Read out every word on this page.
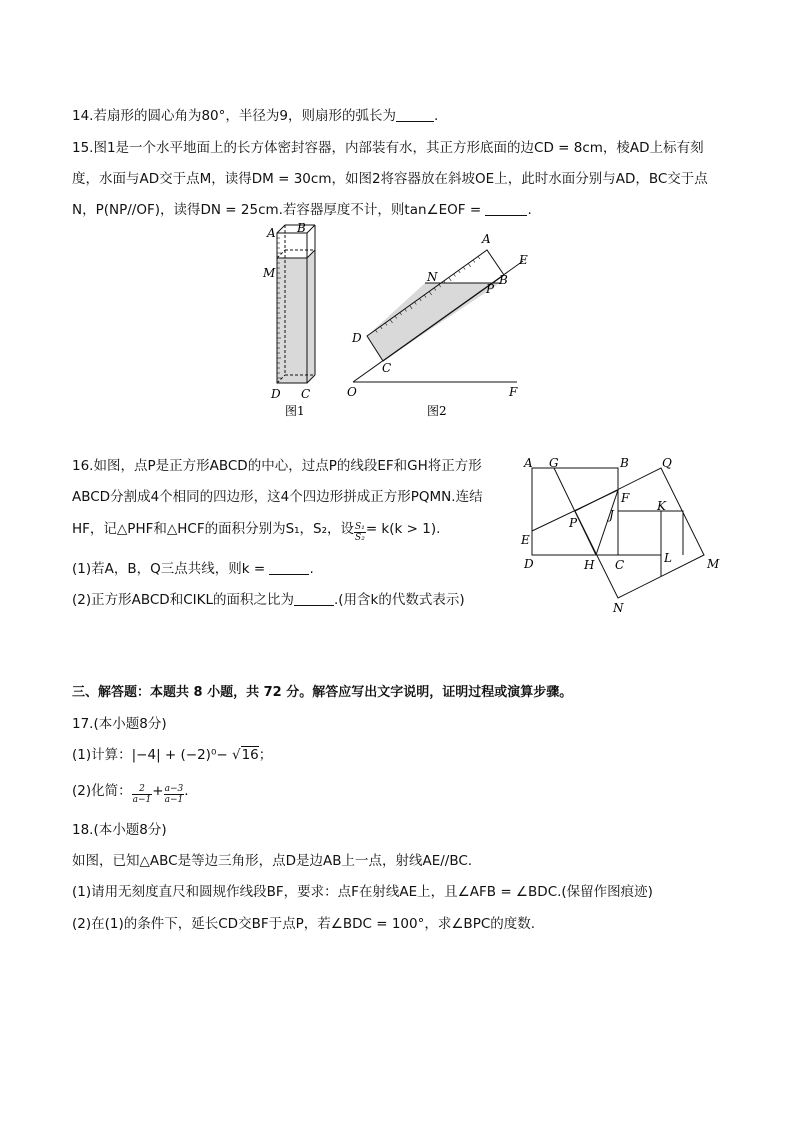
14.若扇形的圆心角为80°，半径为9，则扇形的弧长为	.
15.图1是一个水平地面上的长方体密封容器，内部装有水，其正方形底面的边CD = 8cm，棱AD上标有刻
度，水面与AD交于点M，读得DM = 30cm，如图2将容器放在斜坡OE上，此时水面分别与AD，BC交于点
N，P(NP//OF)，读得DN = 25cm.若容器厚度不计，则tan∠EOF =	.
A B
M
D C
图1
A
E
N	B
P
D
C
O	F
图2
16.如图，点P是正方形ABCD的中心，过点P的线段EF和GH将正方形
ABCD分割成4个相同的四边形，这4个四边形拼成正方形PQMN.连结
HF，记△PHF和△HCF的面积分别为S₁，S₂，设 $\frac{\text{S₁}}{\text{S₂}} = k(k > 1)$.
(1)若A，B，Q三点共线，则k =	.
(2)正方形ABCD和CIKL的面积之比为	.(用含k的代数式表示)
A G	B	Q
F
K
P
J
E
D	H C	L	M
N
三、解答题：本题共 8 小题，共 72 分。解答应写出文字说明，证明过程或演算步骤。
17.(本小题8分)
(1)计算：|−4| + (−2)⁰− √16；
(2)化简： $\frac{2}{a-1} + \frac{a-3}{a-1}$ .
18.(本小题8分)
如图，已知△ABC是等边三角形，点D是边AB上一点，射线AE//BC.
(1)请用无刻度直尺和圆规作线段BF，要求：点F在射线AE上，且∠AFB = ∠BDC.(保留作图痕迹)
(2)在(1)的条件下，延长CD交BF于点P，若∠BDC = 100°，求∠BPC的度数.
